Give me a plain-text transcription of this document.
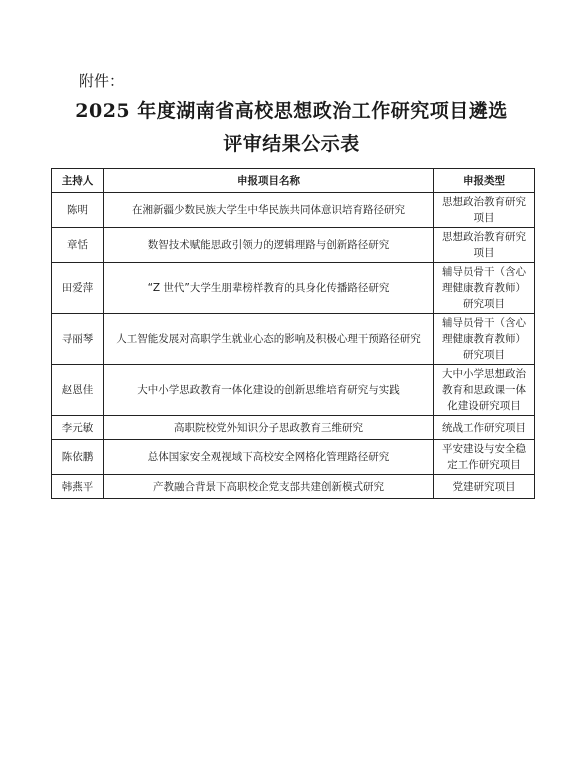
附件：
2025 年度湖南省高校思想政治工作研究项目遴选
评审结果公示表
主持人	申报项目名称	申报类型
陈明	在湘新疆少数民族大学生中华民族共同体意识培育路径研究	思想政治教育研究项目
章恬	数智技术赋能思政引领力的逻辑理路与创新路径研究	思想政治教育研究项目
田爱萍	“Z 世代”大学生朋辈榜样教育的具身化传播路径研究	辅导员骨干（含心理健康教育教师）研究项目
寻丽琴	人工智能发展对高职学生就业心态的影响及积极心理干预路径研究	辅导员骨干（含心理健康教育教师）研究项目
赵恩佳	大中小学思政教育一体化建设的创新思维培育研究与实践	大中小学思想政治教育和思政课一体化建设研究项目
李元敏	高职院校党外知识分子思政教育三维研究	统战工作研究项目
陈依鹏	总体国家安全观视域下高校安全网格化管理路径研究	平安建设与安全稳定工作研究项目
韩燕平	产教融合背景下高职校企党支部共建创新模式研究	党建研究项目
